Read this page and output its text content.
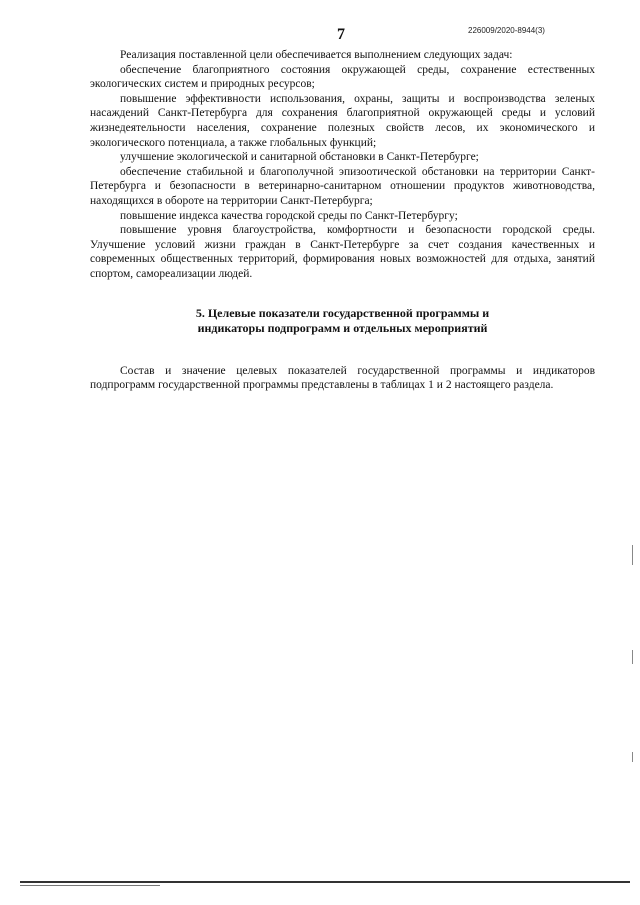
7	226009/2020-8944(3)

Реализация поставленной цели обеспечивается выполнением следующих задач:

обеспечение благоприятного состояния окружающей среды, сохранение естественных экологических систем и природных ресурсов;

повышение эффективности использования, охраны, защиты и воспроизводства зеленых насаждений Санкт-Петербурга для сохранения благоприятной окружающей среды и условий жизнедеятельности населения, сохранение полезных свойств лесов, их экономического и экологического потенциала, а также глобальных функций;

улучшение экологической и санитарной обстановки в Санкт-Петербурге;

обеспечение стабильной и благополучной эпизоотической обстановки на территории Санкт-Петербурга и безопасности в ветеринарно-санитарном отношении продуктов животноводства, находящихся в обороте на территории Санкт-Петербурга;

повышение индекса качества городской среды по Санкт-Петербургу;

повышение уровня благоустройства, комфортности и безопасности городской среды. Улучшение условий жизни граждан в Санкт-Петербурге за счет создания качественных и современных общественных территорий, формирования новых возможностей для отдыха, занятий спортом, самореализации людей.

5. Целевые показатели государственной программы и
индикаторы подпрограмм и отдельных мероприятий

Состав и значение целевых показателей государственной программы и индикаторов подпрограмм государственной программы представлены в таблицах 1 и 2 настоящего раздела.
